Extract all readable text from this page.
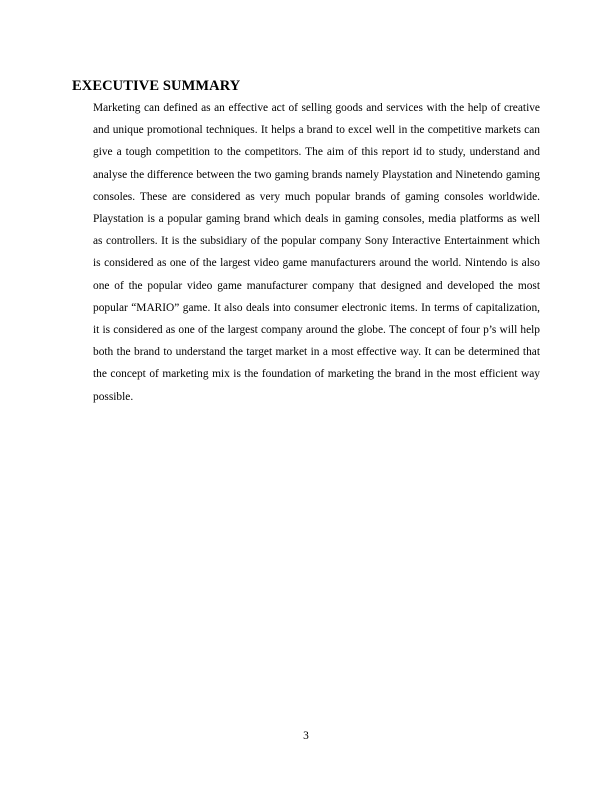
EXECUTIVE SUMMARY

Marketing can defined as an effective act of selling goods and services with the help of creative and unique promotional techniques. It helps a brand to excel well in the competitive markets can give a tough competition to the competitors. The aim of this report id to study, understand and analyse the difference between the two gaming brands namely Playstation and Ninetendo gaming consoles. These are considered as very much popular brands of gaming consoles worldwide. Playstation is a popular gaming brand which deals in gaming consoles, media platforms as well as controllers. It is the subsidiary of the popular company Sony Interactive Entertainment which is considered as one of the largest video game manufacturers around the world. Nintendo is also one of the popular video game manufacturer company that designed and developed the most popular “MARIO” game. It also deals into consumer electronic items. In terms of capitalization, it is considered as one of the largest company around the globe. The concept of four p’s will help both the brand to understand the target market in a most effective way. It can be determined that the concept of marketing mix is the foundation of marketing the brand in the most efficient way possible.

3
